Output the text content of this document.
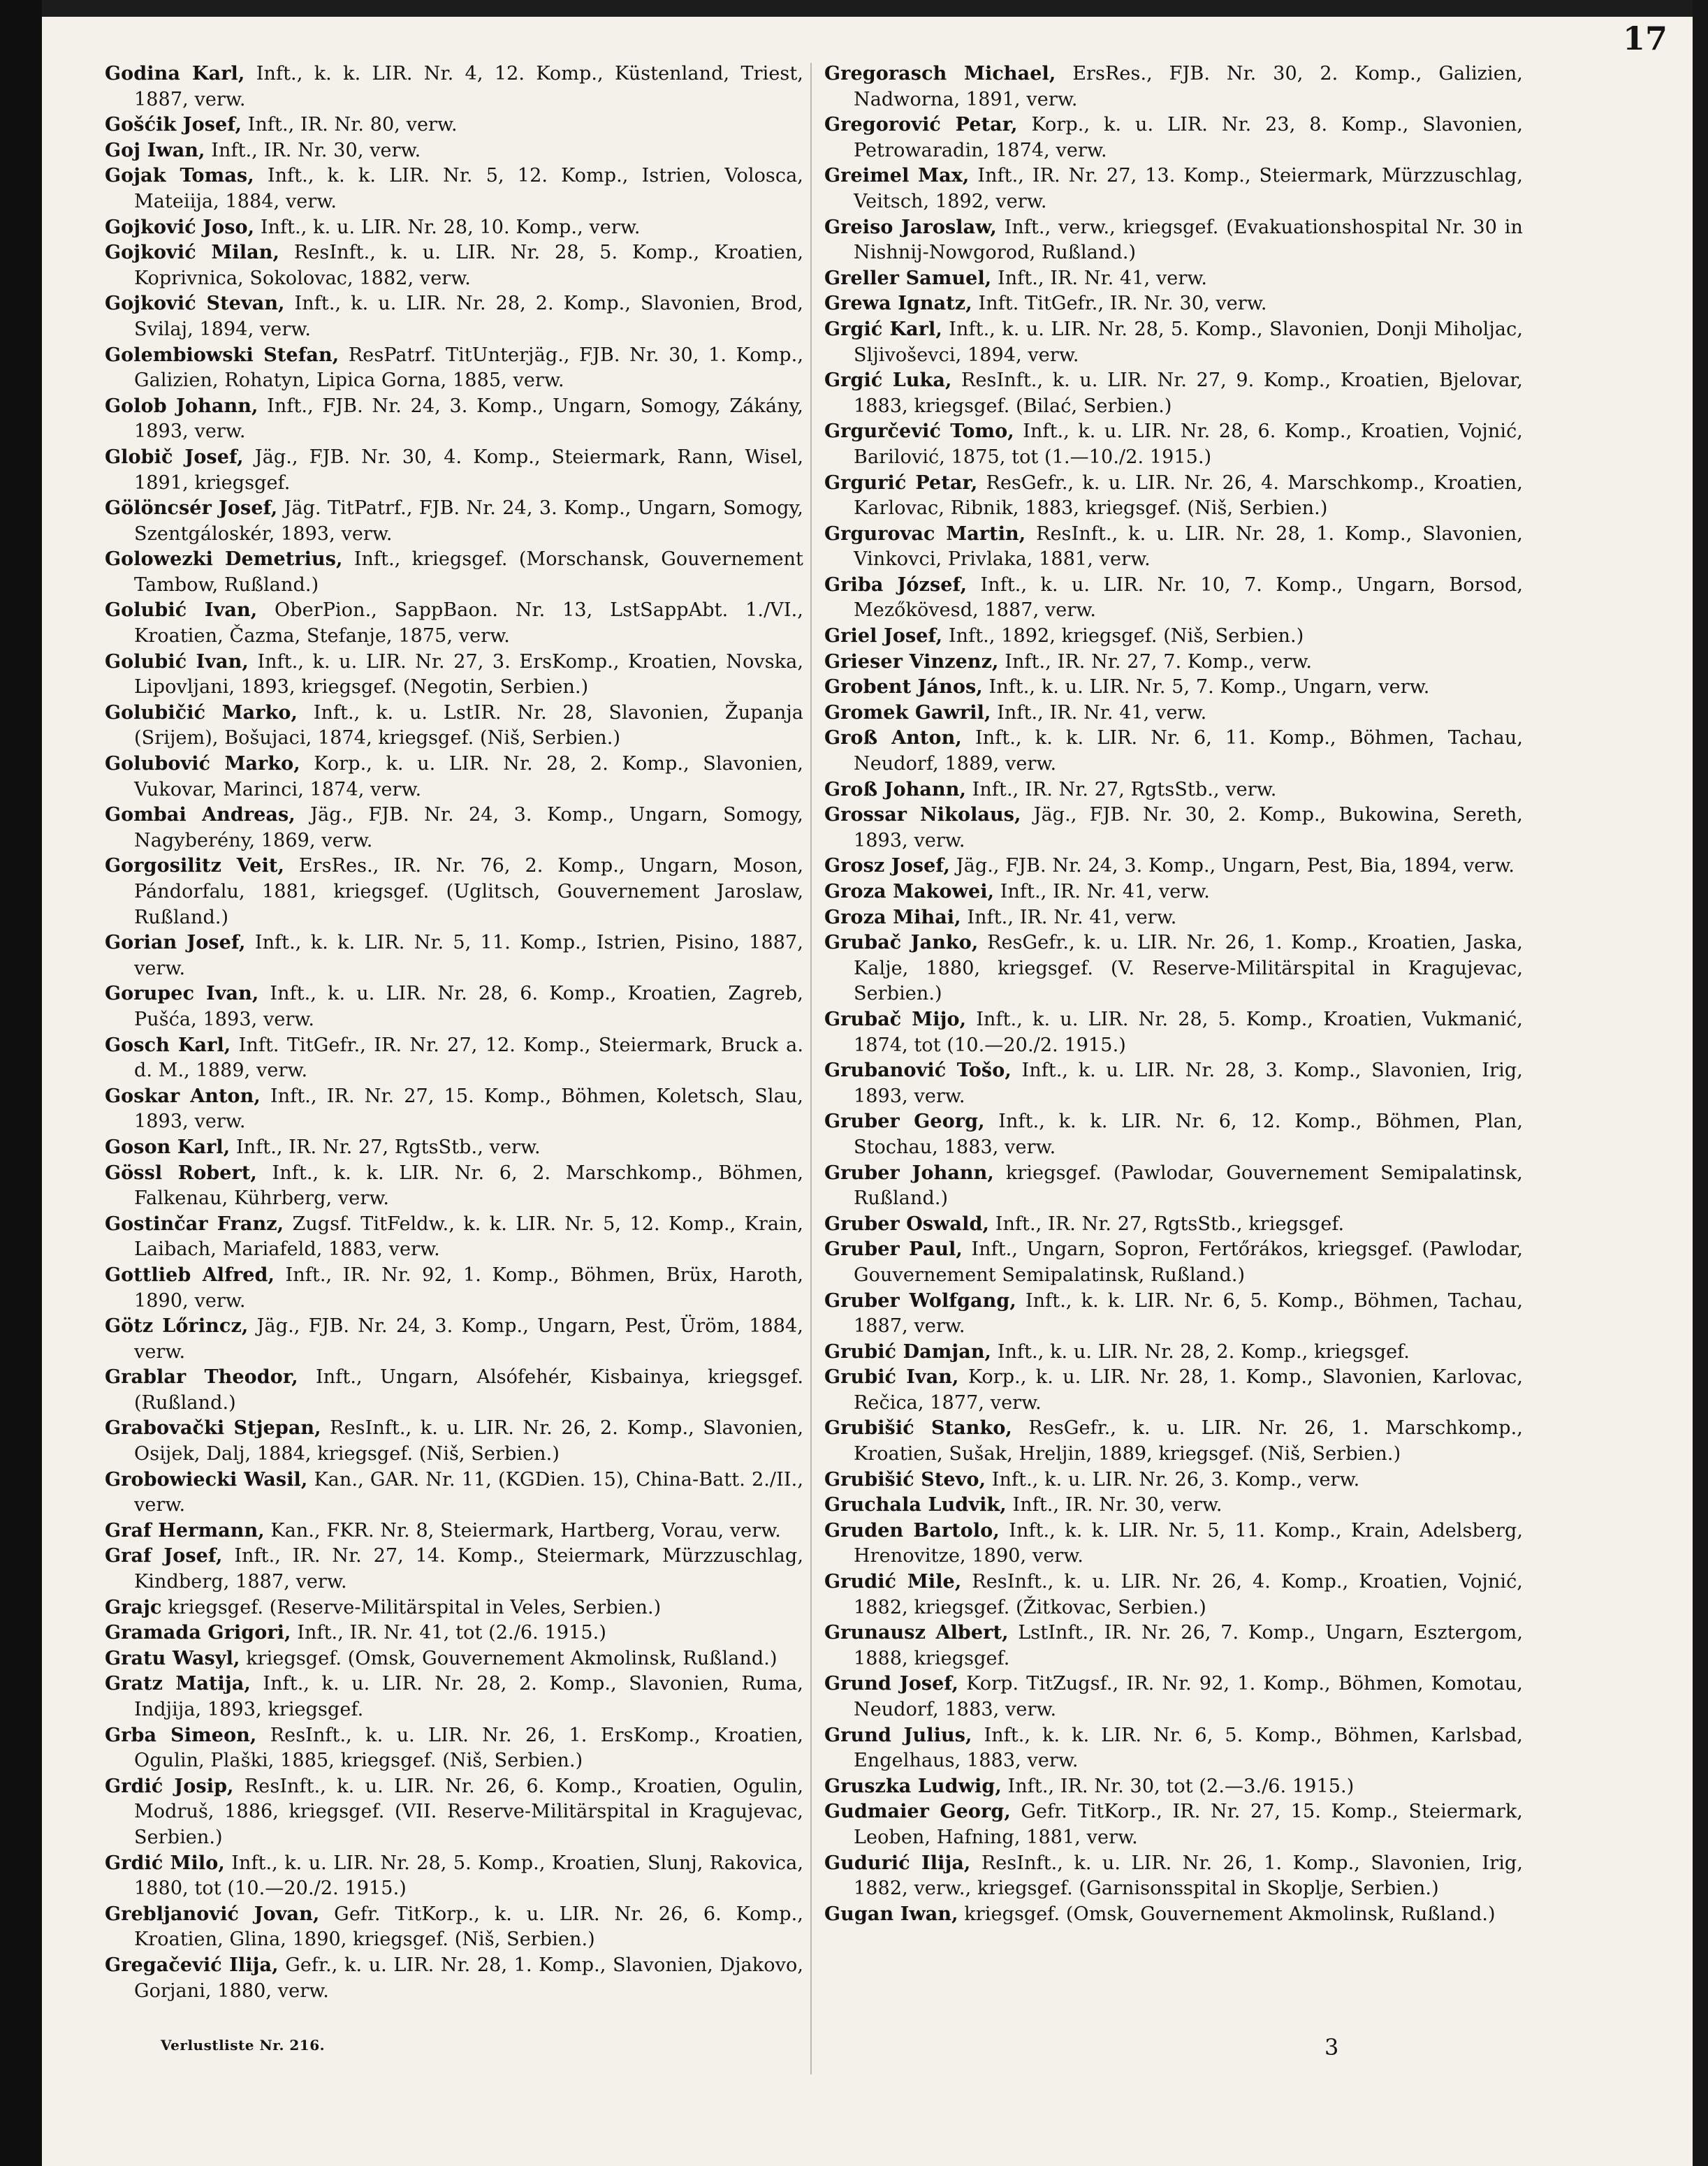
17

Godina Karl, Inft., k. k. LIR. Nr. 4, 12. Komp., Küstenland, Triest, 1887, verw.

Gošćik Josef, Inft., IR. Nr. 80, verw.

Goj Iwan, Inft., IR. Nr. 30, verw.

Gojak Tomas, Inft., k. k. LIR. Nr. 5, 12. Komp., Istrien, Volosca, Mateiija, 1884, verw.

Gojković Joso, Inft., k. u. LIR. Nr. 28, 10. Komp., verw.

Gojković Milan, ResInft., k. u. LIR. Nr. 28, 5. Komp., Kroatien, Koprivnica, Sokolovac, 1882, verw.

Gojković Stevan, Inft., k. u. LIR. Nr. 28, 2. Komp., Slavonien, Brod, Svilaj, 1894, verw.

Golembiowski Stefan, ResPatrf. TitUnterjäg., FJB. Nr. 30, 1. Komp., Galizien, Rohatyn, Lipica Gorna, 1885, verw.

Golob Johann, Inft., FJB. Nr. 24, 3. Komp., Ungarn, Somogy, Zákány, 1893, verw.

Globič Josef, Jäg., FJB. Nr. 30, 4. Komp., Steiermark, Rann, Wisel, 1891, kriegsgef.

Gölöncsér Josef, Jäg. TitPatrf., FJB. Nr. 24, 3. Komp., Ungarn, Somogy, Szentgáloskér, 1893, verw.

Golowezki Demetrius, Inft., kriegsgef. (Morschansk, Gouvernement Tambow, Rußland.)

Golubić Ivan, OberPion., SappBaon. Nr. 13, LstSappAbt. 1./VI., Kroatien, Čazma, Stefanje, 1875, verw.

Golubić Ivan, Inft., k. u. LIR. Nr. 27, 3. ErsKomp., Kroatien, Novska, Lipovljani, 1893, kriegsgef. (Negotin, Serbien.)

Golubičić Marko, Inft., k. u. LstIR. Nr. 28, Slavonien, Županja (Srijem), Bošujaci, 1874, kriegsgef. (Niš, Serbien.)

Golubović Marko, Korp., k. u. LIR. Nr. 28, 2. Komp., Slavonien, Vukovar, Marinci, 1874, verw.

Gombai Andreas, Jäg., FJB. Nr. 24, 3. Komp., Ungarn, Somogy, Nagyberény, 1869, verw.

Gorgosilitz Veit, ErsRes., IR. Nr. 76, 2. Komp., Ungarn, Moson, Pándorfalu, 1881, kriegsgef. (Uglitsch, Gouvernement Jaroslaw, Rußland.)

Gorian Josef, Inft., k. k. LIR. Nr. 5, 11. Komp., Istrien, Pisino, 1887, verw.

Gorupec Ivan, Inft., k. u. LIR. Nr. 28, 6. Komp., Kroatien, Zagreb, Pušća, 1893, verw.

Gosch Karl, Inft. TitGefr., IR. Nr. 27, 12. Komp., Steiermark, Bruck a. d. M., 1889, verw.

Goskar Anton, Inft., IR. Nr. 27, 15. Komp., Böhmen, Koletsch, Slau, 1893, verw.

Goson Karl, Inft., IR. Nr. 27, RgtsStb., verw.

Gössl Robert, Inft., k. k. LIR. Nr. 6, 2. Marschkomp., Böhmen, Falkenau, Kührberg, verw.

Gostinčar Franz, Zugsf. TitFeldw., k. k. LIR. Nr. 5, 12. Komp., Krain, Laibach, Mariafeld, 1883, verw.

Gottlieb Alfred, Inft., IR. Nr. 92, 1. Komp., Böhmen, Brüx, Haroth, 1890, verw.

Götz Lőrincz, Jäg., FJB. Nr. 24, 3. Komp., Ungarn, Pest, Üröm, 1884, verw.

Grablar Theodor, Inft., Ungarn, Alsófehér, Kisbainya, kriegsgef. (Rußland.)

Grabovački Stjepan, ResInft., k. u. LIR. Nr. 26, 2. Komp., Slavonien, Osijek, Dalj, 1884, kriegsgef. (Niš, Serbien.)

Grobowiecki Wasil, Kan., GAR. Nr. 11, (KGDien. 15), China-Batt. 2./II., verw.

Graf Hermann, Kan., FKR. Nr. 8, Steiermark, Hartberg, Vorau, verw.

Graf Josef, Inft., IR. Nr. 27, 14. Komp., Steiermark, Mürzzuschlag, Kindberg, 1887, verw.

Grajc kriegsgef. (Reserve-Militärspital in Veles, Serbien.)

Gramada Grigori, Inft., IR. Nr. 41, tot (2./6. 1915.)

Gratu Wasyl, kriegsgef. (Omsk, Gouvernement Akmolinsk, Rußland.)

Gratz Matija, Inft., k. u. LIR. Nr. 28, 2. Komp., Slavonien, Ruma, Indjija, 1893, kriegsgef.

Grba Simeon, ResInft., k. u. LIR. Nr. 26, 1. ErsKomp., Kroatien, Ogulin, Plaški, 1885, kriegsgef. (Niš, Serbien.)

Grdić Josip, ResInft., k. u. LIR. Nr. 26, 6. Komp., Kroatien, Ogulin, Modruš, 1886, kriegsgef. (VII. Reserve-Militärspital in Kragujevac, Serbien.)

Grdić Milo, Inft., k. u. LIR. Nr. 28, 5. Komp., Kroatien, Slunj, Rakovica, 1880, tot (10.—20./2. 1915.)

Grebljanović Jovan, Gefr. TitKorp., k. u. LIR. Nr. 26, 6. Komp., Kroatien, Glina, 1890, kriegsgef. (Niš, Serbien.)

Gregačević Ilija, Gefr., k. u. LIR. Nr. 28, 1. Komp., Slavonien, Djakovo, Gorjani, 1880, verw.

Gregorasch Michael, ErsRes., FJB. Nr. 30, 2. Komp., Galizien, Nadworna, 1891, verw.

Gregorović Petar, Korp., k. u. LIR. Nr. 23, 8. Komp., Slavonien, Petrowaradin, 1874, verw.

Greimel Max, Inft., IR. Nr. 27, 13. Komp., Steiermark, Mürzzuschlag, Veitsch, 1892, verw.

Greiso Jaroslaw, Inft., verw., kriegsgef. (Evakuationshospital Nr. 30 in Nishnij-Nowgorod, Rußland.)

Greller Samuel, Inft., IR. Nr. 41, verw.

Grewa Ignatz, Inft. TitGefr., IR. Nr. 30, verw.

Grgić Karl, Inft., k. u. LIR. Nr. 28, 5. Komp., Slavonien, Donji Miholjac, Sljivoševci, 1894, verw.

Grgić Luka, ResInft., k. u. LIR. Nr. 27, 9. Komp., Kroatien, Bjelovar, 1883, kriegsgef. (Bilać, Serbien.)

Grgurčević Tomo, Inft., k. u. LIR. Nr. 28, 6. Komp., Kroatien, Vojnić, Barilović, 1875, tot (1.—10./2. 1915.)

Grgurić Petar, ResGefr., k. u. LIR. Nr. 26, 4. Marschkomp., Kroatien, Karlovac, Ribnik, 1883, kriegsgef. (Niš, Serbien.)

Grgurovac Martin, ResInft., k. u. LIR. Nr. 28, 1. Komp., Slavonien, Vinkovci, Privlaka, 1881, verw.

Griba József, Inft., k. u. LIR. Nr. 10, 7. Komp., Ungarn, Borsod, Mezőkövesd, 1887, verw.

Griel Josef, Inft., 1892, kriegsgef. (Niš, Serbien.)

Grieser Vinzenz, Inft., IR. Nr. 27, 7. Komp., verw.

Grobent János, Inft., k. u. LIR. Nr. 5, 7. Komp., Ungarn, verw.

Gromek Gawril, Inft., IR. Nr. 41, verw.

Groß Anton, Inft., k. k. LIR. Nr. 6, 11. Komp., Böhmen, Tachau, Neudorf, 1889, verw.

Groß Johann, Inft., IR. Nr. 27, RgtsStb., verw.

Grossar Nikolaus, Jäg., FJB. Nr. 30, 2. Komp., Bukowina, Sereth, 1893, verw.

Grosz Josef, Jäg., FJB. Nr. 24, 3. Komp., Ungarn, Pest, Bia, 1894, verw.

Groza Makowei, Inft., IR. Nr. 41, verw.

Groza Mihai, Inft., IR. Nr. 41, verw.

Grubač Janko, ResGefr., k. u. LIR. Nr. 26, 1. Komp., Kroatien, Jaska, Kalje, 1880, kriegsgef. (V. Reserve-Militärspital in Kragujevac, Serbien.)

Grubač Mijo, Inft., k. u. LIR. Nr. 28, 5. Komp., Kroatien, Vukmanić, 1874, tot (10.—20./2. 1915.)

Grubanović Tošo, Inft., k. u. LIR. Nr. 28, 3. Komp., Slavonien, Irig, 1893, verw.

Gruber Georg, Inft., k. k. LIR. Nr. 6, 12. Komp., Böhmen, Plan, Stochau, 1883, verw.

Gruber Johann, kriegsgef. (Pawlodar, Gouvernement Semipalatinsk, Rußland.)

Gruber Oswald, Inft., IR. Nr. 27, RgtsStb., kriegsgef.

Gruber Paul, Inft., Ungarn, Sopron, Fertőrákos, kriegsgef. (Pawlodar, Gouvernement Semipalatinsk, Rußland.)

Gruber Wolfgang, Inft., k. k. LIR. Nr. 6, 5. Komp., Böhmen, Tachau, 1887, verw.

Grubić Damjan, Inft., k. u. LIR. Nr. 28, 2. Komp., kriegsgef.

Grubić Ivan, Korp., k. u. LIR. Nr. 28, 1. Komp., Slavonien, Karlovac, Rečica, 1877, verw.

Grubišić Stanko, ResGefr., k. u. LIR. Nr. 26, 1. Marschkomp., Kroatien, Sušak, Hreljin, 1889, kriegsgef. (Niš, Serbien.)

Grubišić Stevo, Inft., k. u. LIR. Nr. 26, 3. Komp., verw.

Gruchala Ludvik, Inft., IR. Nr. 30, verw.

Gruden Bartolo, Inft., k. k. LIR. Nr. 5, 11. Komp., Krain, Adelsberg, Hrenovitze, 1890, verw.

Grudić Mile, ResInft., k. u. LIR. Nr. 26, 4. Komp., Kroatien, Vojnić, 1882, kriegsgef. (Žitkovac, Serbien.)

Grunausz Albert, LstInft., IR. Nr. 26, 7. Komp., Ungarn, Esztergom, 1888, kriegsgef.

Grund Josef, Korp. TitZugsf., IR. Nr. 92, 1. Komp., Böhmen, Komotau, Neudorf, 1883, verw.

Grund Julius, Inft., k. k. LIR. Nr. 6, 5. Komp., Böhmen, Karlsbad, Engelhaus, 1883, verw.

Gruszka Ludwig, Inft., IR. Nr. 30, tot (2.—3./6. 1915.)

Gudmaier Georg, Gefr. TitKorp., IR. Nr. 27, 15. Komp., Steiermark, Leoben, Hafning, 1881, verw.

Gudurić Ilija, ResInft., k. u. LIR. Nr. 26, 1. Komp., Slavonien, Irig, 1882, verw., kriegsgef. (Garnisonsspital in Skoplje, Serbien.)

Gugan Iwan, kriegsgef. (Omsk, Gouvernement Akmolinsk, Rußland.)

Verlustliste Nr. 216.	3
